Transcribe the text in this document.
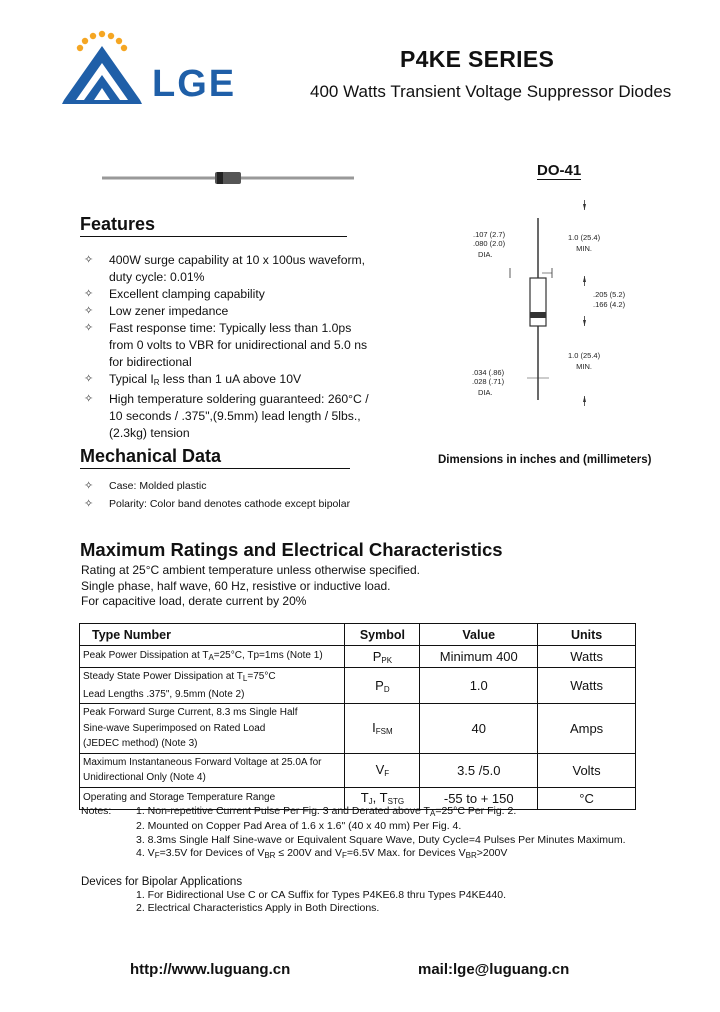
LGE
P4KE SERIES
400 Watts Transient Voltage Suppressor Diodes
DO-41
.107 (2.7)
.080 (2.0)
DIA.
1.0 (25.4)
MIN.
.205 (5.2)
.166 (4.2)
1.0 (25.4)
MIN.
.034 (.86)
.028 (.71)
DIA.
Dimensions in inches and (millimeters)
Features
✧ 400W surge capability at 10 x 100us waveform, duty cycle: 0.01%
✧ Excellent clamping capability
✧ Low zener impedance
✧ Fast response time: Typically less than 1.0ps from 0 volts to VBR for unidirectional and 5.0 ns for bidirectional
✧ Typical $I_R$ less than 1 uA above 10V
✧ High temperature soldering guaranteed: 260°C / 10 seconds / .375",(9.5mm) lead length / 5lbs.,(2.3kg) tension
Mechanical Data
✧ Case: Molded plastic
✧ Polarity: Color band denotes cathode except bipolar
Maximum Ratings and Electrical Characteristics
Rating at 25°C ambient temperature unless otherwise specified.
Single phase, half wave, 60 Hz, resistive or inductive load.
For capacitive load, derate current by 20%
Type Number	Symbol	Value	Units
Peak Power Dissipation at $T_A=25^\circ C$, Tp=1ms (Note 1)	$P_{PK}$	Minimum 400	Watts
Steady State Power Dissipation at $T_L=75^\circ C$
Lead Lengths .375", 9.5mm (Note 2)	$P_D$	1.0	Watts
Peak Forward Surge Current, 8.3 ms Single Half
Sine-wave Superimposed on Rated Load
(JEDEC method) (Note 3)	$I_{FSM}$	40	Amps
Maximum Instantaneous Forward Voltage at 25.0A for
Unidirectional Only (Note 4)	$V_F$	3.5 /5.0	Volts
Operating and Storage Temperature Range	$T_J$, $T_{STG}$	-55 to + 150	°C
Notes: 1. Non-repetitive Current Pulse Per Fig. 3 and Derated above $T_A=25^\circ C$ Per Fig. 2.
2. Mounted on Copper Pad Area of 1.6 x 1.6" (40 x 40 mm) Per Fig. 4.
3. 8.3ms Single Half Sine-wave or Equivalent Square Wave, Duty Cycle=4 Pulses Per Minutes Maximum.
4. $V_F=3.5V$ for Devices of $V_{BR} \le 200V$ and $V_F=6.5V$ Max. for Devices $V_{BR}>200V$
Devices for Bipolar Applications
1. For Bidirectional Use C or CA Suffix for Types P4KE6.8 thru Types P4KE440.
2. Electrical Characteristics Apply in Both Directions.
http://www.luguang.cn	mail:lge@luguang.cn
